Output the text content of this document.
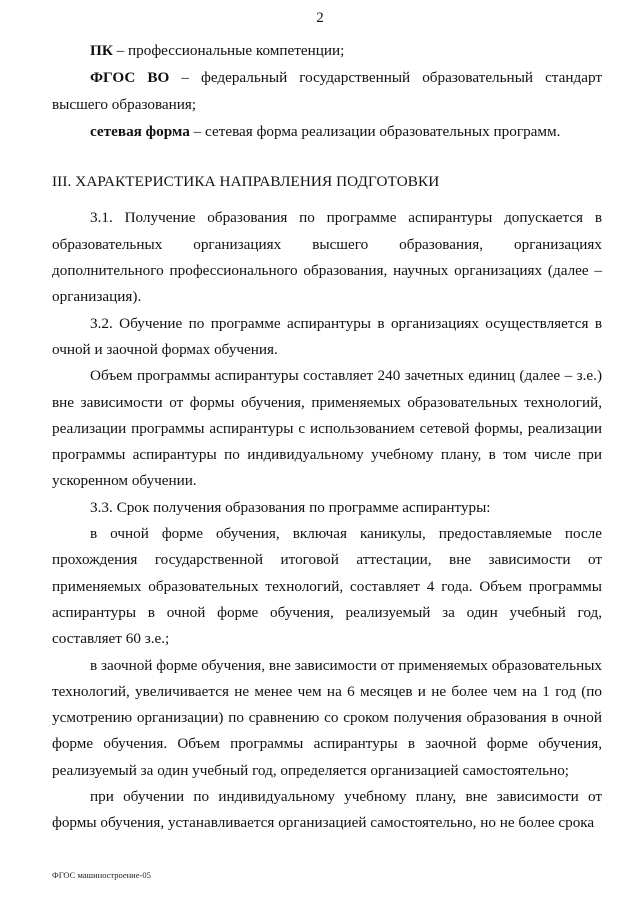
2

ПК – профессиональные компетенции;

ФГОС ВО – федеральный государственный образовательный стандарт высшего образования;

сетевая форма – сетевая форма реализации образовательных программ.

III. ХАРАКТЕРИСТИКА НАПРАВЛЕНИЯ ПОДГОТОВКИ

3.1. Получение образования по программе аспирантуры допускается в образовательных организациях высшего образования, организациях дополнительного профессионального образования, научных организациях (далее – организация).

3.2. Обучение по программе аспирантуры в организациях осуществляется в очной и заочной формах обучения.

Объем программы аспирантуры составляет 240 зачетных единиц (далее – з.е.) вне зависимости от формы обучения, применяемых образовательных технологий, реализации программы аспирантуры с использованием сетевой формы, реализации программы аспирантуры по индивидуальному учебному плану, в том числе при ускоренном обучении.

3.3. Срок получения образования по программе аспирантуры:

в очной форме обучения, включая каникулы, предоставляемые после прохождения государственной итоговой аттестации, вне зависимости от применяемых образовательных технологий, составляет 4 года. Объем программы аспирантуры в очной форме обучения, реализуемый за один учебный год, составляет 60 з.е.;

в заочной форме обучения, вне зависимости от применяемых образовательных технологий, увеличивается не менее чем на 6 месяцев и не более чем на 1 год (по усмотрению организации) по сравнению со сроком получения образования в очной форме обучения. Объем программы аспирантуры в заочной форме обучения, реализуемый за один учебный год, определяется организацией самостоятельно;

при обучении по индивидуальному учебному плану, вне зависимости от формы обучения, устанавливается организацией самостоятельно, но не более срока

ФГОС машиностроение-05
